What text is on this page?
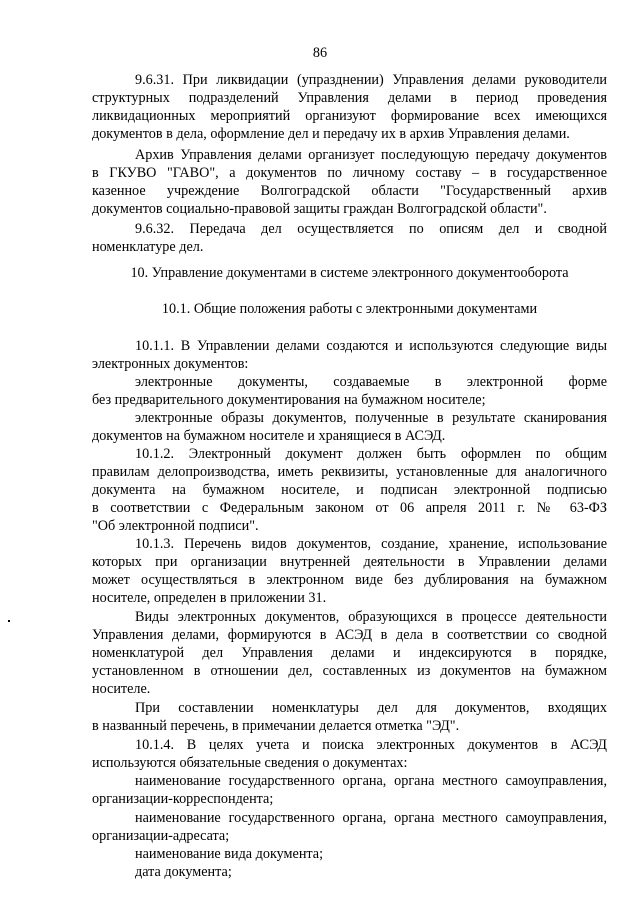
86
9.6.31. При ликвидации (упразднении) Управления делами руководители
структурных подразделений Управления делами в период проведения
ликвидационных мероприятий организуют формирование всех имеющихся
документов в дела, оформление дел и передачу их в архив Управления делами.
Архив Управления делами организует последующую передачу документов
в ГКУВО "ГАВО", а документов по личному составу – в государственное
казенное учреждение Волгоградской области "Государственный архив
документов социально-правовой защиты граждан Волгоградской области".
9.6.32. Передача дел осуществляется по описям дел и сводной
номенклатуре дел.
10. Управление документами в системе электронного документооборота
10.1. Общие положения работы с электронными документами
10.1.1. В Управлении делами создаются и используются следующие виды
электронных документов:
электронные документы, создаваемые в электронной форме
без предварительного документирования на бумажном носителе;
электронные образы документов, полученные в результате сканирования
документов на бумажном носителе и хранящиеся в АСЭД.
10.1.2. Электронный документ должен быть оформлен по общим
правилам делопроизводства, иметь реквизиты, установленные для аналогичного
документа на бумажном носителе, и подписан электронной подписью
в соответствии с Федеральным законом от 06 апреля 2011 г. № 63-ФЗ
"Об электронной подписи".
10.1.3. Перечень видов документов, создание, хранение, использование
которых при организации внутренней деятельности в Управлении делами
может осуществляться в электронном виде без дублирования на бумажном
носителе, определен в приложении 31.
Виды электронных документов, образующихся в процессе деятельности
Управления делами, формируются в АСЭД в дела в соответствии со сводной
номенклатурой дел Управления делами и индексируются в порядке,
установленном в отношении дел, составленных из документов на бумажном
носителе.
При составлении номенклатуры дел для документов, входящих
в названный перечень, в примечании делается отметка "ЭД".
10.1.4. В целях учета и поиска электронных документов в АСЭД
используются обязательные сведения о документах:
наименование государственного органа, органа местного самоуправления,
организации-корреспондента;
наименование государственного органа, органа местного самоуправления,
организации-адресата;
наименование вида документа;
дата документа;
